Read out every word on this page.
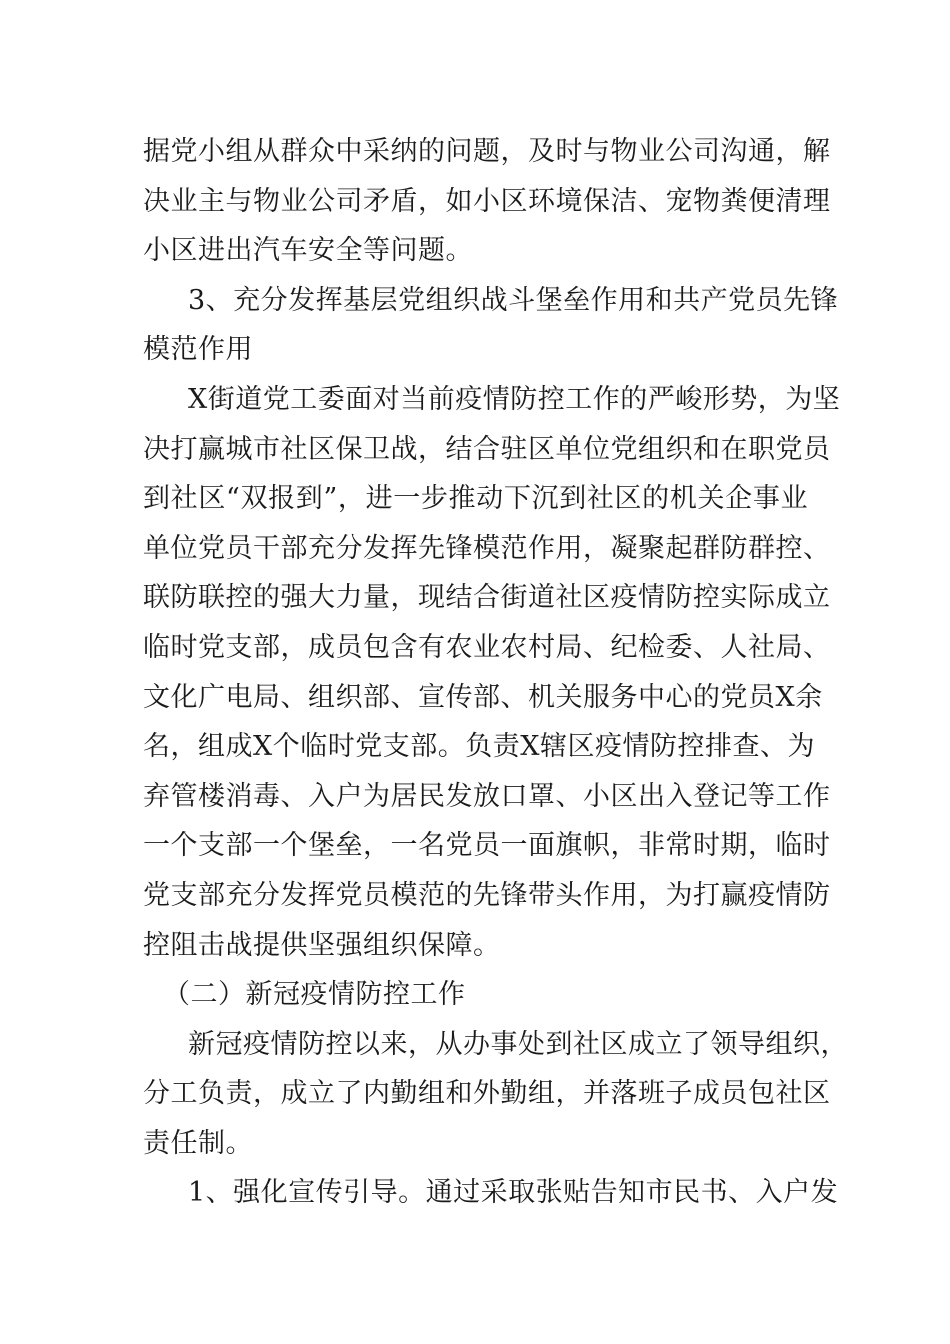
据党小组从群众中采纳的问题，及时与物业公司沟通，解
决业主与物业公司矛盾，如小区环境保洁、宠物粪便清理
小区进出汽车安全等问题。
3、充分发挥基层党组织战斗堡垒作用和共产党员先锋
模范作用
X街道党工委面对当前疫情防控工作的严峻形势，为坚
决打赢城市社区保卫战，结合驻区单位党组织和在职党员
到社区“双报到”，进一步推动下沉到社区的机关企事业
单位党员干部充分发挥先锋模范作用，凝聚起群防群控、
联防联控的强大力量，现结合街道社区疫情防控实际成立
临时党支部，成员包含有农业农村局、纪检委、人社局、
文化广电局、组织部、宣传部、机关服务中心的党员X余
名，组成X个临时党支部。负责X辖区疫情防控排查、为
弃管楼消毒、入户为居民发放口罩、小区出入登记等工作
一个支部一个堡垒，一名党员一面旗帜，非常时期，临时
党支部充分发挥党员模范的先锋带头作用，为打赢疫情防
控阻击战提供坚强组织保障。
（二）新冠疫情防控工作
新冠疫情防控以来，从办事处到社区成立了领导组织，
分工负责，成立了内勤组和外勤组，并落班子成员包社区
责任制。
1、强化宣传引导。通过采取张贴告知市民书、入户发
